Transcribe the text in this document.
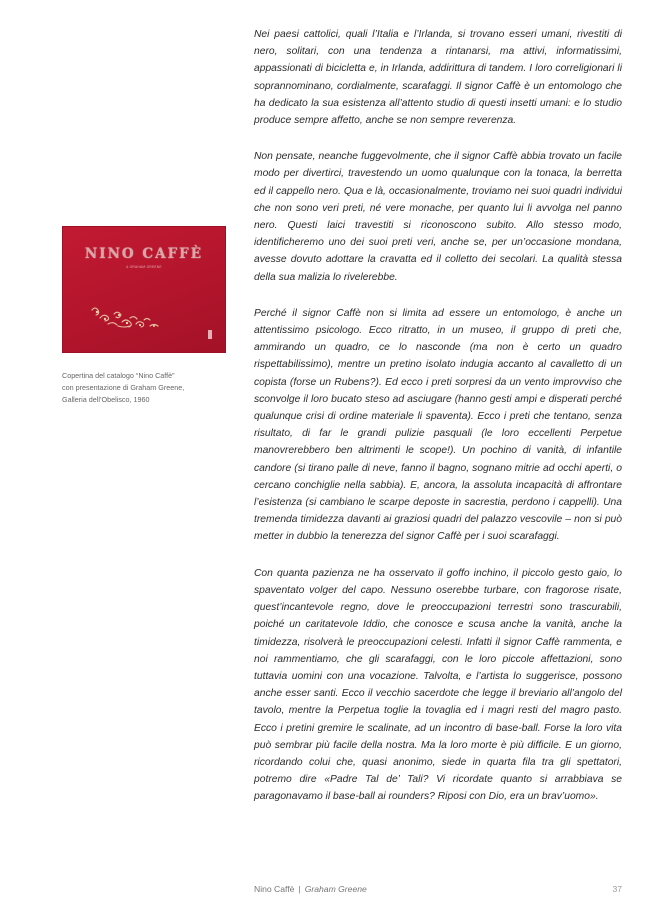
Nei paesi cattolici, quali l’Italia e l’Irlanda, si trovano esseri umani, rivestiti di nero, solitari, con una tendenza a rintanarsi, ma attivi, informatissimi, appassionati di bicicletta e, in Irlanda, addirittura di tandem. I loro correligionari li soprannominano, cordialmente, scarafaggi. Il signor Caffè è un entomologo che ha dedicato la sua esistenza all’attento studio di questi insetti umani: e lo studio produce sempre affetto, anche se non sempre reverenza.

Non pensate, neanche fuggevolmente, che il signor Caffè abbia trovato un facile modo per divertirci, travestendo un uomo qualunque con la tonaca, la berretta ed il cappello nero. Qua e là, occasionalmente, troviamo nei suoi quadri individui che non sono veri preti, né vere monache, per quanto lui li avvolga nel panno nero. Questi laici travestiti si riconoscono subito. Allo stesso modo, identificheremo uno dei suoi preti veri, anche se, per un’occasione mondana, avesse dovuto adottare la cravatta ed il colletto dei secolari. La qualità stessa della sua malizia lo rivelerebbe.

Perché il signor Caffè non si limita ad essere un entomologo, è anche un attentissimo psicologo. Ecco ritratto, in un museo, il gruppo di preti che, ammirando un quadro, ce lo nasconde (ma non è certo un quadro rispettabilissimo), mentre un pretino isolato indugia accanto al cavalletto di un copista (forse un Rubens?). Ed ecco i preti sorpresi da un vento improvviso che sconvolge il loro bucato steso ad asciugare (hanno gesti ampi e disperati perché qualunque crisi di ordine materiale li spaventa). Ecco i preti che tentano, senza risultato, di far le grandi pulizie pasquali (le loro eccellenti Perpetue manovrerebbero ben altrimenti le scope!). Un pochino di vanità, di infantile candore (si tirano palle di neve, fanno il bagno, sognano mitrie ad occhi aperti, o cercano conchiglie nella sabbia). E, ancora, la assoluta incapacità di affrontare l’esistenza (si cambiano le scarpe deposte in sacrestia, perdono i cappelli). Una tremenda timidezza davanti ai graziosi quadri del palazzo vescovile – non si può metter in dubbio la tenerezza del signor Caffè per i suoi scarafaggi.

Con quanta pazienza ne ha osservato il goffo inchino, il piccolo gesto gaio, lo spaventato volger del capo. Nessuno oserebbe turbare, con fragorose risate, quest’incantevole regno, dove le preoccupazioni terrestri sono trascurabili, poiché un caritatevole Iddio, che conosce e scusa anche la vanità, anche la timidezza, risolverà le preoccupazioni celesti. Infatti il signor Caffè rammenta, e noi rammentiamo, che gli scarafaggi, con le loro piccole affettazioni, sono tuttavia uomini con una vocazione. Talvolta, e l’artista lo suggerisce, possono anche esser santi. Ecco il vecchio sacerdote che legge il breviario all’angolo del tavolo, mentre la Perpetua toglie la tovaglia ed i magri resti del magro pasto. Ecco i pretini gremire le scalinate, ad un incontro di base-ball. Forse la loro vita può sembrar più facile della nostra. Ma la loro morte è più difficile. E un giorno, ricordando colui che, quasi anonimo, siede in quarta fila tra gli spettatori, potremo dire «Padre Tal de’ Tali? Vi ricordate quanto si arrabbiava se paragonavamo il base-ball ai rounders? Riposi con Dio, era un brav’uomo».

NINO CAFFÈ
A GRAHAM GREENE
Copertina del catalogo “Nino Caffè”
con presentazione di Graham Greene,
Galleria dell’Obelisco, 1960
Nino Caffè | Graham Greene	37
